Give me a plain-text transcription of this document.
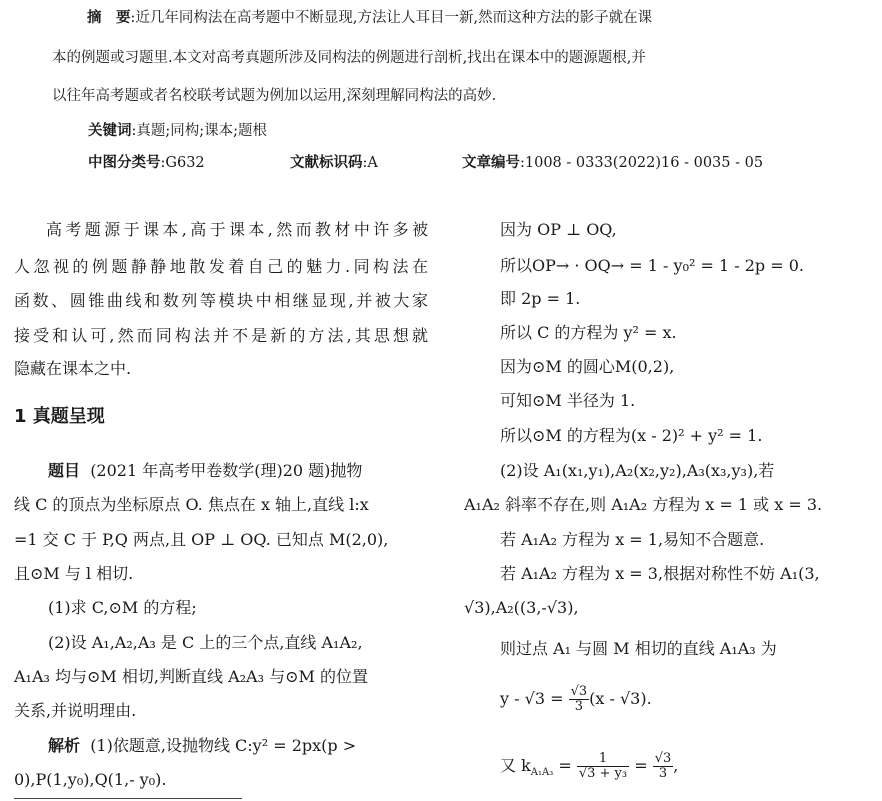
摘　要:近几年同构法在高考题中不断显现,方法让人耳目一新,然而这种方法的影子就在课
本的例题或习题里.本文对高考真题所涉及同构法的例题进行剖析,找出在课本中的题源题根,并
以往年高考题或者名校联考试题为例加以运用,深刻理解同构法的高妙.
关键词:真题;同构;课本;题根
中图分类号:G632	文献标识码:A	文章编号:1008 - 0333(2022)16 - 0035 - 05
高考题源于课本,高于课本,然而教材中许多被
人忽视的例题静静地散发着自己的魅力.同构法在
函数、圆锥曲线和数列等模块中相继显现,并被大家
接受和认可,然而同构法并不是新的方法,其思想就
隐藏在课本之中.
1 真题呈现
题目 (2021 年高考甲卷数学(理)20 题)抛物
线 C 的顶点为坐标原点 O. 焦点在 x 轴上,直线 l:x
=1 交 C 于 P,Q 两点,且 OP ⊥ OQ. 已知点 M(2,0),
且⊙M 与 l 相切.
(1)求 C,⊙M 的方程;
(2)设 A₁,A₂,A₃ 是 C 上的三个点,直线 A₁A₂,
A₁A₃ 均与⊙M 相切,判断直线 A₂A₃ 与⊙M 的位置
关系,并说明理由.
解析 (1)依题意,设抛物线 C:y² = 2px(p >
0),P(1,y₀),Q(1,- y₀).
因为 OP ⊥ OQ,
所以OP→ · OQ→ = 1 - y₀² = 1 - 2p = 0.
即 2p = 1.
所以 C 的方程为 y² = x.
因为⊙M 的圆心M(0,2),
可知⊙M 半径为 1.
所以⊙M 的方程为(x - 2)² + y² = 1.
(2)设 A₁(x₁,y₁),A₂(x₂,y₂),A₃(x₃,y₃),若
A₁A₂ 斜率不存在,则 A₁A₂ 方程为 x = 1 或 x = 3.
若 A₁A₂ 方程为 x = 1,易知不合题意.
若 A₁A₂ 方程为 x = 3,根据对称性不妨 A₁(3,
√3),A₂((3,-√3),
则过点 A₁ 与圆 M 相切的直线 A₁A₃ 为
$y - √3 = \frac{√3}{3} (x - √3)$.
又 $k_{A_1A_3} = \frac{1}{\text{√3 + y₃}} = \frac{√3}{3}$ ,
